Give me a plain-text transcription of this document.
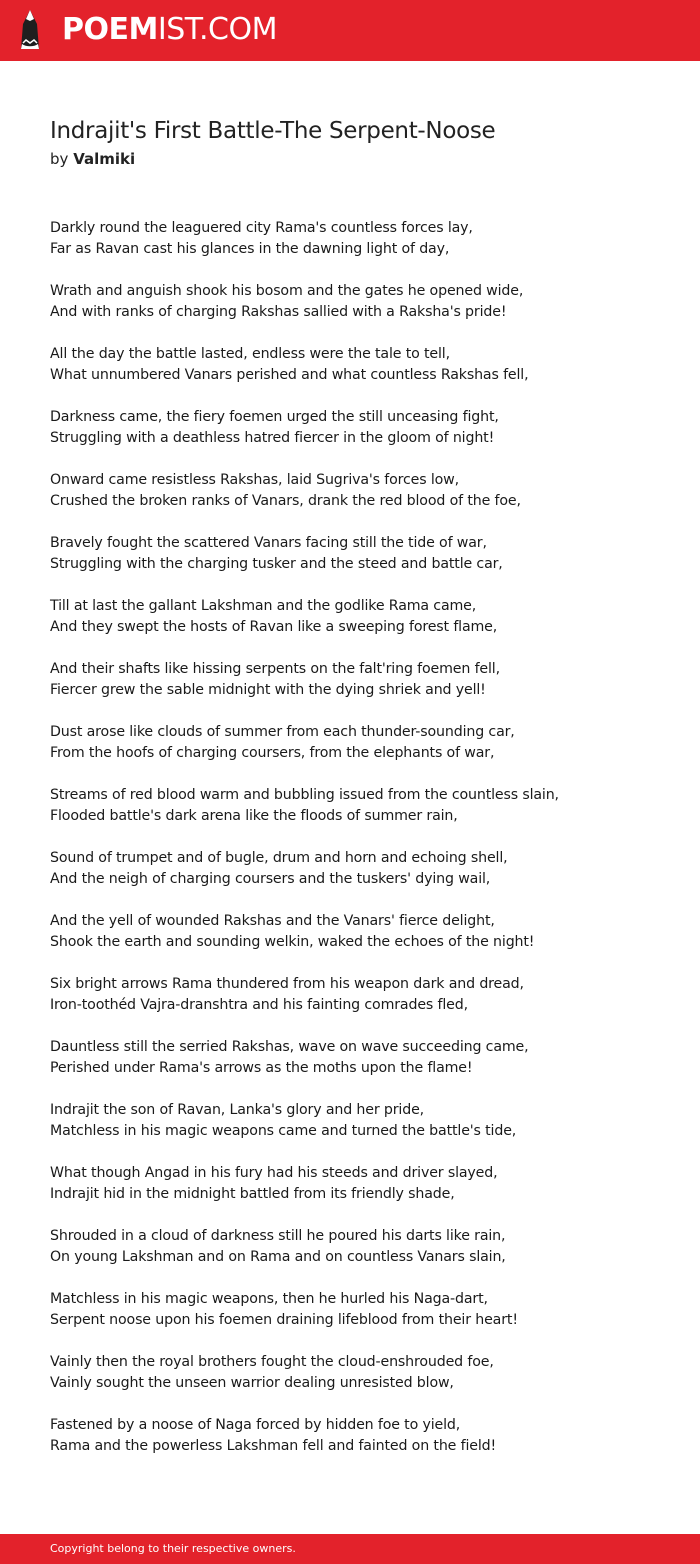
POEMIST.COM
Indrajit's First Battle-The Serpent-Noose
by Valmiki
Darkly round the leaguered city Rama's countless forces lay,
Far as Ravan cast his glances in the dawning light of day,
Wrath and anguish shook his bosom and the gates he opened wide,
And with ranks of charging Rakshas sallied with a Raksha's pride!
All the day the battle lasted, endless were the tale to tell,
What unnumbered Vanars perished and what countless Rakshas fell,
Darkness came, the fiery foemen urged the still unceasing fight,
Struggling with a deathless hatred fiercer in the gloom of night!
Onward came resistless Rakshas, laid Sugriva's forces low,
Crushed the broken ranks of Vanars, drank the red blood of the foe,
Bravely fought the scattered Vanars facing still the tide of war,
Struggling with the charging tusker and the steed and battle car,
Till at last the gallant Lakshman and the godlike Rama came,
And they swept the hosts of Ravan like a sweeping forest flame,
And their shafts like hissing serpents on the falt'ring foemen fell,
Fiercer grew the sable midnight with the dying shriek and yell!
Dust arose like clouds of summer from each thunder-sounding car,
From the hoofs of charging coursers, from the elephants of war,
Streams of red blood warm and bubbling issued from the countless slain,
Flooded battle's dark arena like the floods of summer rain,
Sound of trumpet and of bugle, drum and horn and echoing shell,
And the neigh of charging coursers and the tuskers' dying wail,
And the yell of wounded Rakshas and the Vanars' fierce delight,
Shook the earth and sounding welkin, waked the echoes of the night!
Six bright arrows Rama thundered from his weapon dark and dread,
Iron-toothéd Vajra-dranshtra and his fainting comrades fled,
Dauntless still the serried Rakshas, wave on wave succeeding came,
Perished under Rama's arrows as the moths upon the flame!
Indrajit the son of Ravan, Lanka's glory and her pride,
Matchless in his magic weapons came and turned the battle's tide,
What though Angad in his fury had his steeds and driver slayed,
Indrajit hid in the midnight battled from its friendly shade,
Shrouded in a cloud of darkness still he poured his darts like rain,
On young Lakshman and on Rama and on countless Vanars slain,
Matchless in his magic weapons, then he hurled his Naga-dart,
Serpent noose upon his foemen draining lifeblood from their heart!
Vainly then the royal brothers fought the cloud-enshrouded foe,
Vainly sought the unseen warrior dealing unresisted blow,
Fastened by a noose of Naga forced by hidden foe to yield,
Rama and the powerless Lakshman fell and fainted on the field!
Copyright belong to their respective owners.
